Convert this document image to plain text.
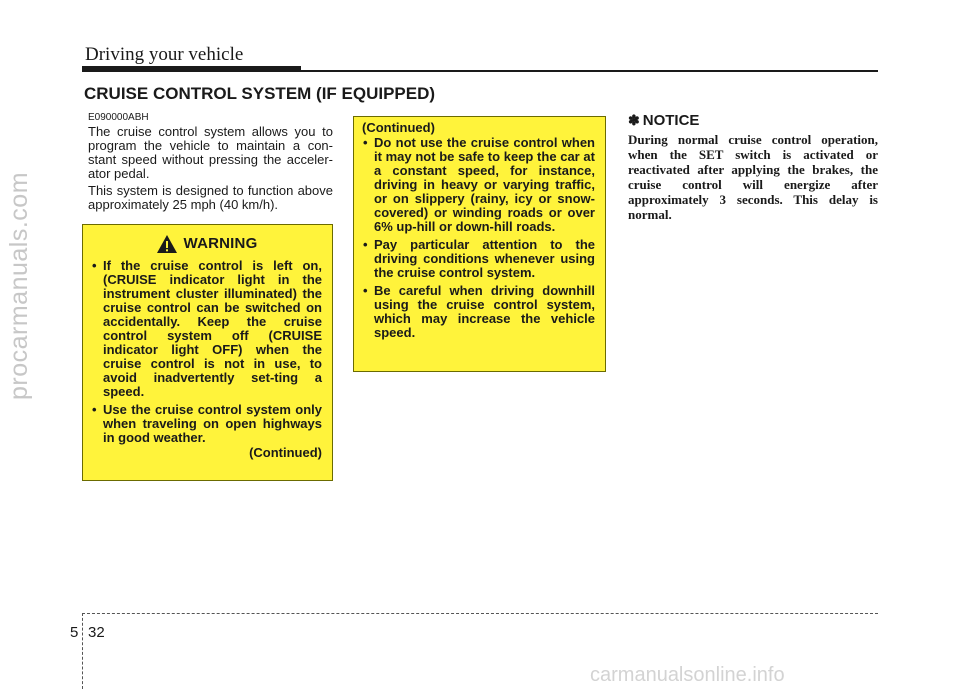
Driving your vehicle
CRUISE CONTROL SYSTEM (IF EQUIPPED)
E090000ABH
The cruise control system allows you to program the vehicle to maintain a con-stant speed without pressing the acceler-ator pedal.
This system is designed to function above approximately 25 mph (40 km/h).
WARNING
• If the cruise control is left on, (CRUISE indicator light in the instrument cluster illuminated) the cruise control can be switched on accidentally. Keep the cruise control system off (CRUISE indicator light OFF) when the cruise control is not in use, to avoid inadvertently set-ting a speed.
• Use the cruise control system only when traveling on open highways in good weather.
(Continued)
(Continued)
• Do not use the cruise control when it may not be safe to keep the car at a constant speed, for instance, driving in heavy or varying traffic, or on slippery (rainy, icy or snow-covered) or winding roads or over 6% up-hill or down-hill roads.
• Pay particular attention to the driving conditions whenever using the cruise control system.
• Be careful when driving downhill using the cruise control system, which may increase the vehicle speed.
✽ NOTICE
During normal cruise control operation, when the SET switch is activated or reactivated after applying the brakes, the cruise control will energize after approximately 3 seconds. This delay is normal.
5 32
procarmanuals.com
carmanualsonline.info
